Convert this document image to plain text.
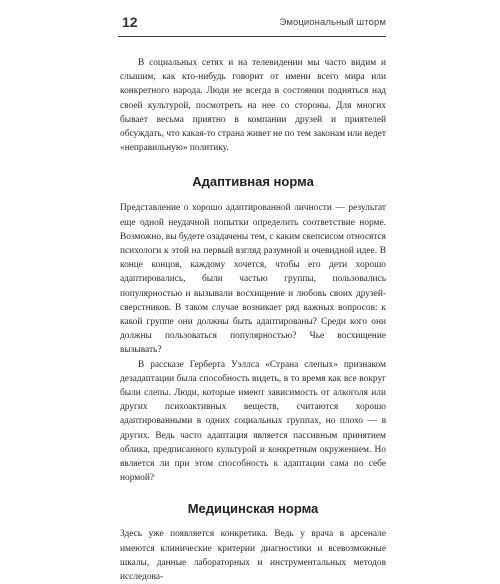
12	Эмоциональный шторм

В социальных сетях и на телевидении мы часто видим и слышим, как кто-нибудь говорит от имени всего мира или конкретного народа. Люди не всегда в состоянии подняться над своей культурой, посмотреть на нее со стороны. Для многих бывает весьма приятно в компании друзей и приятелей обсуждать, что какая-то страна живет не по тем законам или ведет «неправильную» политику.

Адаптивная норма

Представление о хорошо адаптированной личности — результат еще одной неудачной попытки определить соответствие норме. Возможно, вы будете озадачены тем, с каким скепсисом относятся психологи к этой на первый взгляд разумной и очевидной идее. В конце концов, каждому хочется, чтобы его дети хорошо адаптировались, были частью группы, пользовались популярностью и вызывали восхищение и любовь своих друзей-сверстников. В таком случае возникает ряд важных вопросов: к какой группе они должны быть адаптированы? Среди кого они должны пользоваться популярностью? Чье восхищение вызывать?

В рассказе Герберта Уэллса «Страна слепых» признаком дезадаптации была способность видеть, в то время как все вокруг были слепы. Люди, которые имеют зависимость от алкоголя или других психоактивных веществ, считаются хорошо адаптированными в одних социальных группах, но плохо — в других. Ведь часто адаптация является пассивным принятием облика, предписанного культурой и конкретным окружением. Но является ли при этом способность к адаптации сама по себе нормой?

Медицинская норма

Здесь уже появляется конкретика. Ведь у врача в арсенале имеются клинические критерии диагностики и всевозможные шкалы, данные лабораторных и инструментальных методов исследова-
